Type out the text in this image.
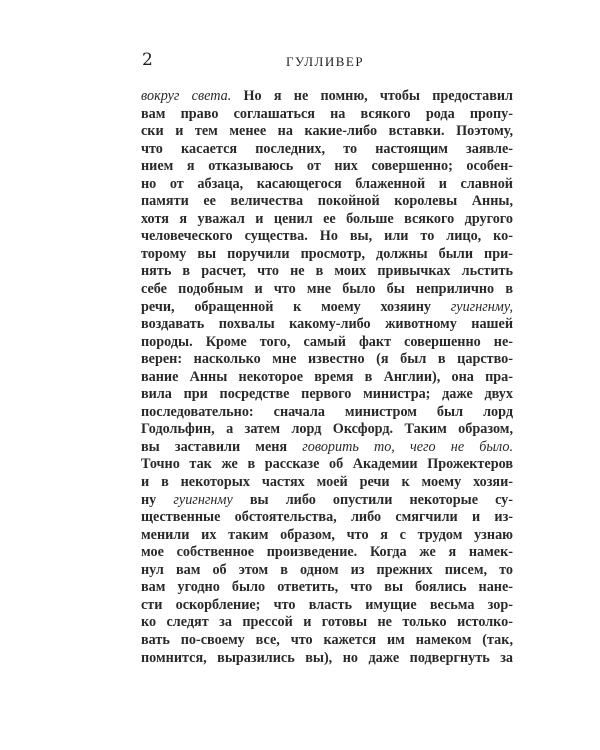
2	ГУЛЛИВЕР
вокруг света. Но я не помню, чтобы предоставил
вам право соглашаться на всякого рода пропу-
ски и тем менее на какие-либо вставки. Поэтому,
что касается последних, то настоящим заявле-
нием я отказываюсь от них совершенно; особен-
но от абзаца, касающегося блаженной и славной
памяти ее величества покойной королевы Анны,
хотя я уважал и ценил ее больше всякого другого
человеческого существа. Но вы, или то лицо, ко-
торому вы поручили просмотр, должны были при-
нять в расчет, что не в моих привычках льстить
себе подобным и что мне было бы неприлично в
речи, обращенной к моему хозяину гуигнгнму,
воздавать похвалы какому-либо животному нашей
породы. Кроме того, самый факт совершенно не-
верен: насколько мне известно (я был в царство-
вание Анны некоторое время в Англии), она пра-
вила при посредстве первого министра; даже двух
последовательно: сначала министром был лорд
Годольфин, а затем лорд Оксфорд. Таким образом,
вы заставили меня говорить то, чего не было.
Точно так же в рассказе об Академии Прожектеров
и в некоторых частях моей речи к моему хозяи-
ну гуигнгнму вы либо опустили некоторые су-
щественные обстоятельства, либо смягчили и из-
менили их таким образом, что я с трудом узнаю
мое собственное произведение. Когда же я намек-
нул вам об этом в одном из прежних писем, то
вам угодно было ответить, что вы боялись нане-
сти оскорбление; что власть имущие весьма зор-
ко следят за прессой и готовы не только истолко-
вать по-своему все, что кажется им намеком (так,
помнится, выразились вы), но даже подвергнуть за
